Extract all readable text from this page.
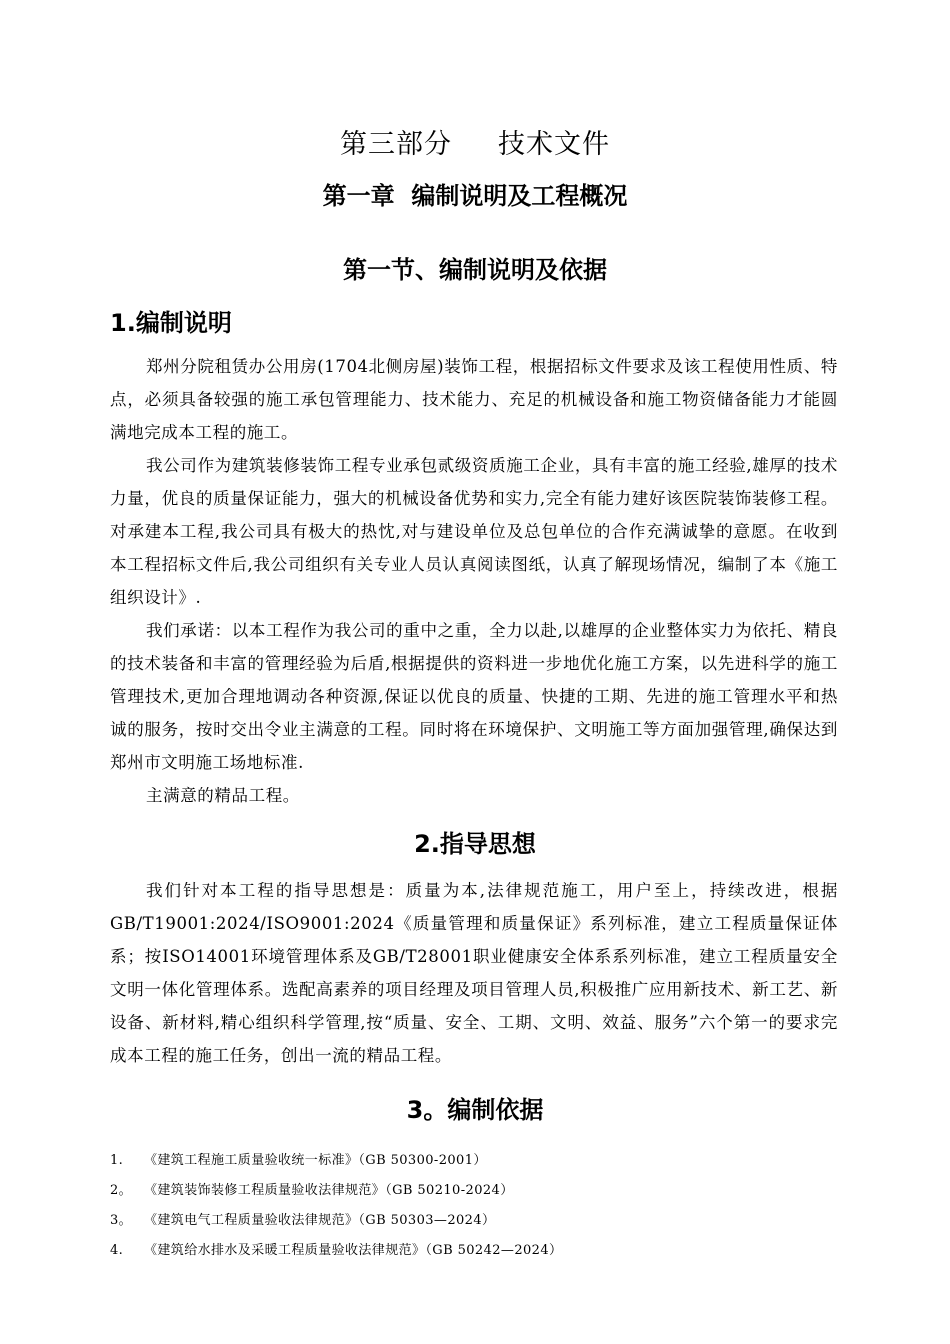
第三部分 技术文件
第一章  编制说明及工程概况
第一节、编制说明及依据
1.编制说明

郑州分院租赁办公用房(1704北侧房屋)装饰工程，根据招标文件要求及该工程使用性质、特点，必须具备较强的施工承包管理能力、技术能力、充足的机械设备和施工物资储备能力才能圆满地完成本工程的施工。

我公司作为建筑装修装饰工程专业承包贰级资质施工企业，具有丰富的施工经验,雄厚的技术力量，优良的质量保证能力，强大的机械设备优势和实力,完全有能力建好该医院装饰装修工程。对承建本工程,我公司具有极大的热忱,对与建设单位及总包单位的合作充满诚挚的意愿。在收到本工程招标文件后,我公司组织有关专业人员认真阅读图纸，认真了解现场情况，编制了本《施工组织设计》.

我们承诺：以本工程作为我公司的重中之重，全力以赴,以雄厚的企业整体实力为依托、精良的技术装备和丰富的管理经验为后盾,根据提供的资料进一步地优化施工方案，以先进科学的施工管理技术,更加合理地调动各种资源,保证以优良的质量、快捷的工期、先进的施工管理水平和热诚的服务，按时交出令业主满意的工程。同时将在环境保护、文明施工等方面加强管理,确保达到郑州市文明施工场地标准.

主满意的精品工程。

2.指导思想

我们针对本工程的指导思想是：质量为本,法律规范施工，用户至上，持续改进，根据GB/T19001:2024/ISO9001:2024《质量管理和质量保证》系列标准，建立工程质量保证体系；按ISO14001环境管理体系及GB/T28001职业健康安全体系系列标准，建立工程质量安全文明一体化管理体系。选配高素养的项目经理及项目管理人员,积极推广应用新技术、新工艺、新设备、新材料,精心组织科学管理,按“质量、安全、工期、文明、效益、服务”六个第一的要求完成本工程的施工任务，创出一流的精品工程。

3。编制依据
1. 《建筑工程施工质量验收统一标准》（GB 50300-2001）
2。 《建筑装饰装修工程质量验收法律规范》（GB 50210-2024）
3。 《建筑电气工程质量验收法律规范》（GB 50303—2024）
4. 《建筑给水排水及采暖工程质量验收法律规范》（GB 50242—2024）
